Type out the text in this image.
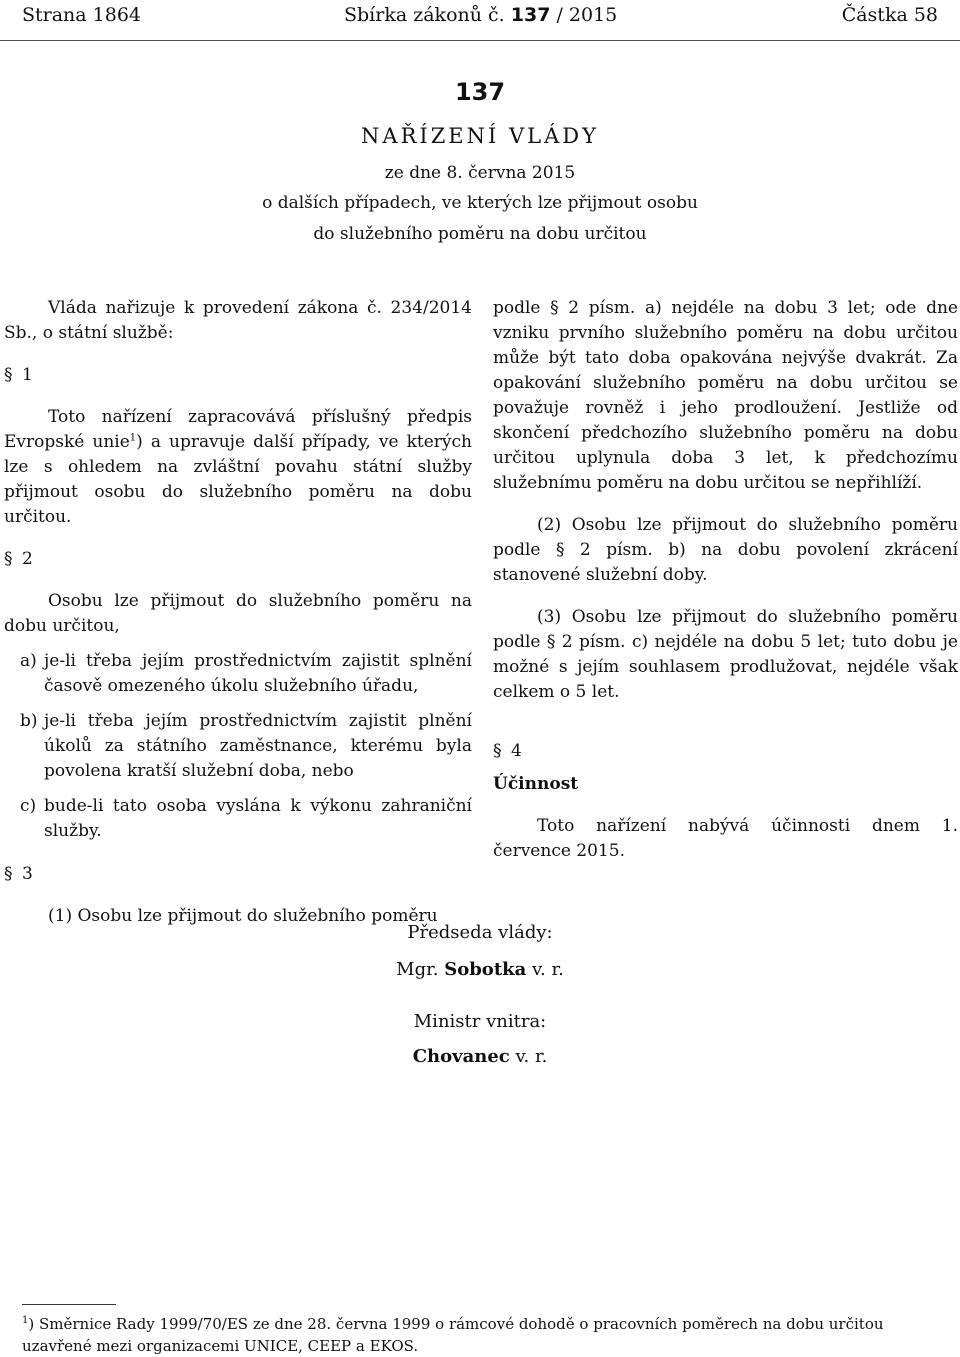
Strana 1864	Sbírka zákonů č. 137 / 2015	Částka 58
137
NAŘÍZENÍ VLÁDY
ze dne 8. června 2015
o dalších případech, ve kterých lze přijmout osobu
do služebního poměru na dobu určitou

Vláda nařizuje k provedení zákona č. 234/2014 Sb., o státní službě:

§ 1

Toto nařízení zapracovává příslušný předpis Evropské unie$^1$) a upravuje další případy, ve kterých lze s ohledem na zvláštní povahu státní služby přijmout osobu do služebního poměru na dobu určitou.

§ 2

Osobu lze přijmout do služebního poměru na dobu určitou,

a) je-li třeba jejím prostřednictvím zajistit splnění časově omezeného úkolu služebního úřadu,
b) je-li třeba jejím prostřednictvím zajistit plnění úkolů za státního zaměstnance, kterému byla povolena kratší služební doba, nebo
c) bude-li tato osoba vyslána k výkonu zahraniční služby.

§ 3

(1) Osobu lze přijmout do služebního poměru

podle § 2 písm. a) nejdéle na dobu 3 let; ode dne vzniku prvního služebního poměru na dobu určitou může být tato doba opakována nejvýše dvakrát. Za opakování služebního poměru na dobu určitou se považuje rovněž i jeho prodloužení. Jestliže od skončení předchozího služebního poměru na dobu určitou uplynula doba 3 let, k předchozímu služebnímu poměru na dobu určitou se nepřihlíží.

(2) Osobu lze přijmout do služebního poměru podle § 2 písm. b) na dobu povolení zkrácení stanovené služební doby.

(3) Osobu lze přijmout do služebního poměru podle § 2 písm. c) nejdéle na dobu 5 let; tuto dobu je možné s jejím souhlasem prodlužovat, nejdéle však celkem o 5 let.

§ 4

Účinnost

Toto nařízení nabývá účinnosti dnem 1. července 2015.

Předseda vlády:
Mgr. Sobotka v. r.
Ministr vnitra:
Chovanec v. r.
$^1$) Směrnice Rady 1999/70/ES ze dne 28. června 1999 o rámcové dohodě o pracovních poměrech na dobu určitou uzavřené mezi organizacemi UNICE, CEEP a EKOS.
